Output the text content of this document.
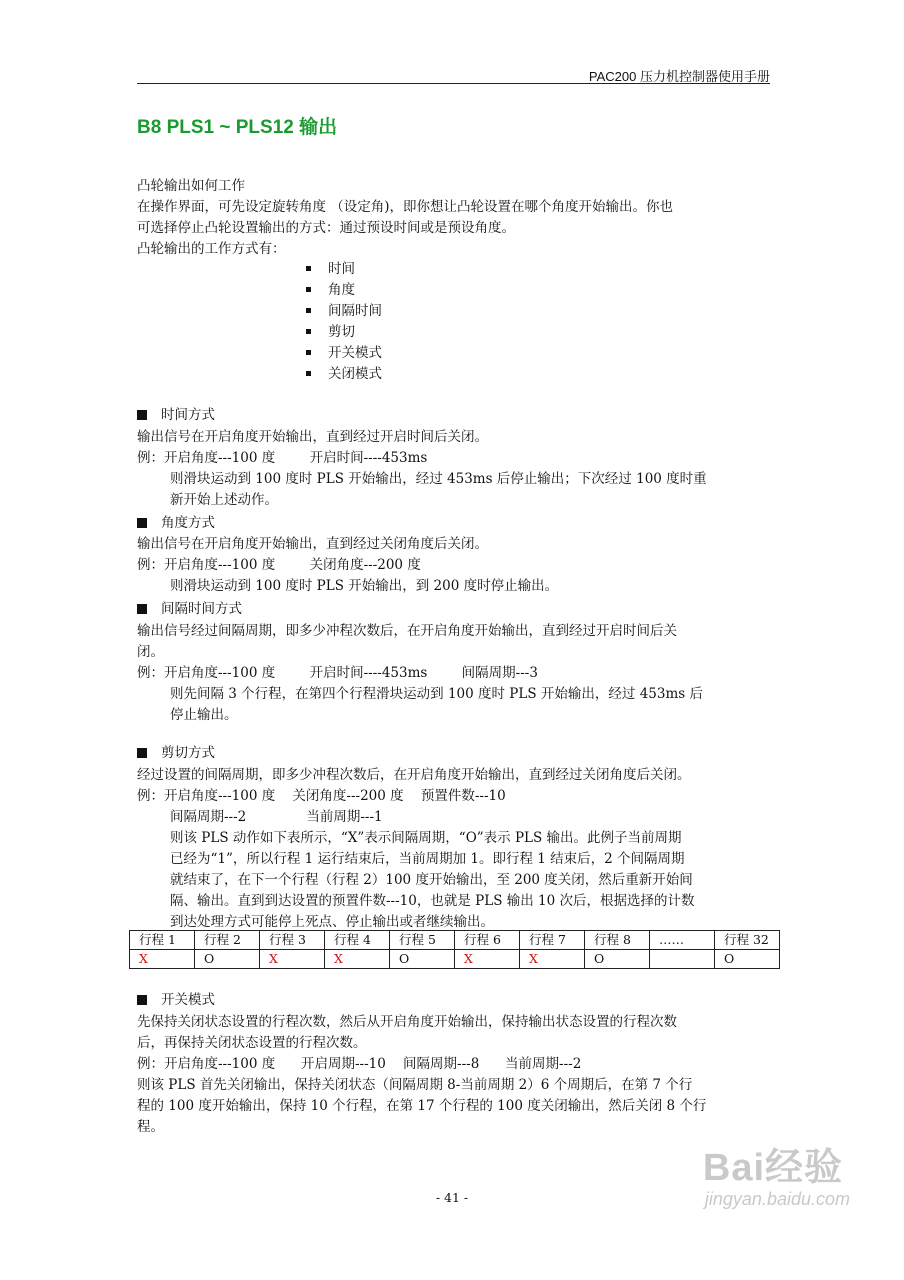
PAC200 压力机控制器使用手册
B8 PLS1 ~ PLS12 输出
凸轮输出如何工作
在操作界面，可先设定旋转角度 （设定角)，即你想让凸轮设置在哪个角度开始输出。你也
可选择停止凸轮设置输出的方式：通过预设时间或是预设角度。
凸轮输出的工作方式有：
时间
角度
间隔时间
剪切
开关模式
关闭模式
时间方式
输出信号在开启角度开始输出，直到经过开启时间后关闭。
例：开启角度---100 度        开启时间----453ms
则滑块运动到 100 度时 PLS 开始输出，经过 453ms 后停止输出；下次经过 100 度时重
新开始上述动作。
角度方式
输出信号在开启角度开始输出，直到经过关闭角度后关闭。
例：开启角度---100 度        关闭角度---200 度
则滑块运动到 100 度时 PLS 开始输出，到 200 度时停止输出。
间隔时间方式
输出信号经过间隔周期，即多少冲程次数后，在开启角度开始输出，直到经过开启时间后关
闭。
例：开启角度---100 度        开启时间----453ms        间隔周期---3
则先间隔 3 个行程，在第四个行程滑块运动到 100 度时 PLS 开始输出，经过 453ms 后
停止输出。
剪切方式
经过设置的间隔周期，即多少冲程次数后，在开启角度开始输出，直到经过关闭角度后关闭。
例：开启角度---100 度    关闭角度---200 度    预置件数---10
间隔周期---2              当前周期---1
则该 PLS 动作如下表所示，“X”表示间隔周期，“O”表示 PLS 输出。此例子当前周期
已经为“1”，所以行程 1 运行结束后，当前周期加 1。即行程 1 结束后，2 个间隔周期
就结束了，在下一个行程（行程 2）100 度开始输出，至 200 度关闭，然后重新开始间
隔、输出。直到到达设置的预置件数---10，也就是 PLS 输出 10 次后，根据选择的计数
到达处理方式可能停上死点、停止输出或者继续输出。
行程 1	行程 2	行程 3	行程 4	行程 5	行程 6	行程 7	行程 8	……	行程 32
X	O	X	X	O	X	X	O		O
开关模式
先保持关闭状态设置的行程次数，然后从开启角度开始输出，保持输出状态设置的行程次数
后，再保持关闭状态设置的行程次数。
例：开启角度---100 度      开启周期---10    间隔周期---8      当前周期---2
则该 PLS 首先关闭输出，保持关闭状态（间隔周期 8-当前周期 2）6 个周期后，在第 7 个行
程的 100 度开始输出，保持 10 个行程，在第 17 个行程的 100 度关闭输出，然后关闭 8 个行
程。
- 41 -
Bai经验
jingyan.baidu.com
